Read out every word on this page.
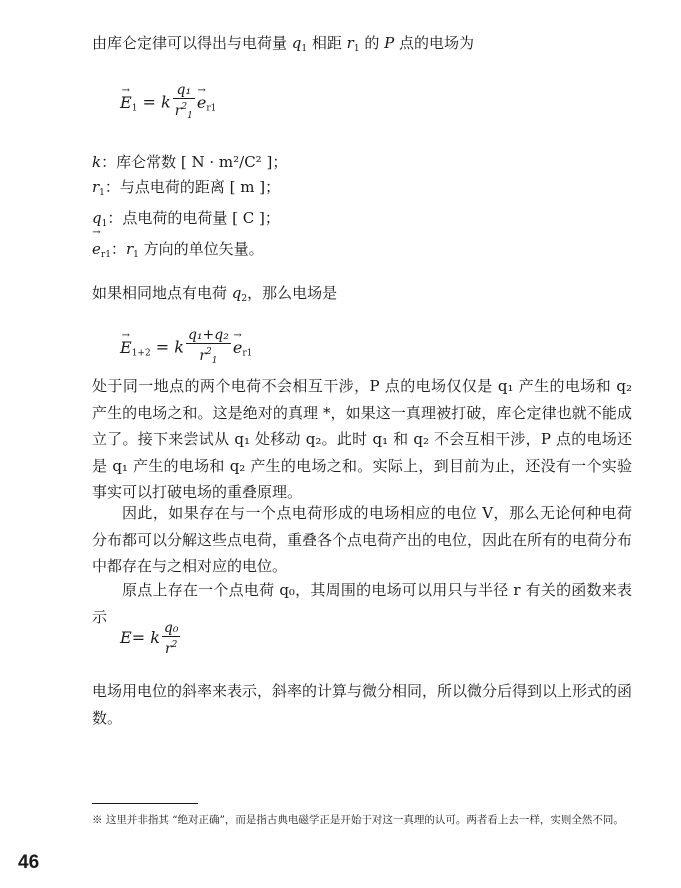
由库仑定律可以得出与电荷量 $q_1$ 相距 $r_1$ 的 P 点的电场为
→ $E_1 = k \frac{\text{q₁}}{r^2_1} \to e_{r1}$
k：库仑常数 [ N · m²/C² ]；
$r_1$：与点电荷的距离 [ m ]；
$q_1$：点电荷的电荷量 [ C ]；
→ $e_{r1}$：$r_1$ 方向的单位矢量。
如果相同地点有电荷 $q_2$，那么电场是
→ $E_{1+2} = k \frac{\text{q₁+q₂}}{r^2_1} \to e_{r1}$
处于同一地点的两个电荷不会相互干涉，P 点的电场仅仅是 q₁ 产生的电场和 q₂ 产生的电场之和。这是绝对的真理 *，如果这一真理被打破，库仑定律也就不能成立了。接下来尝试从 q₁ 处移动 q₂。此时 q₁ 和 q₂ 不会互相干涉，P 点的电场还是 q₁ 产生的电场和 q₂ 产生的电场之和。实际上，到目前为止，还没有一个实验事实可以打破电场的重叠原理。
因此，如果存在与一个点电荷形成的电场相应的电位 V，那么无论何种电荷分布都可以分解这些点电荷，重叠各个点电荷产出的电位，因此在所有的电荷分布中都存在与之相对应的电位。
原点上存在一个点电荷 q₀，其周围的电场可以用只与半径 r 有关的函数来表示
E= k $\frac{\text{q₀}}{r^2}$
电场用电位的斜率来表示，斜率的计算与微分相同，所以微分后得到以上形式的函数。
※ 这里并非指其 “绝对正确”，而是指古典电磁学正是开始于对这一真理的认可。两者看上去一样，实则全然不同。
46
